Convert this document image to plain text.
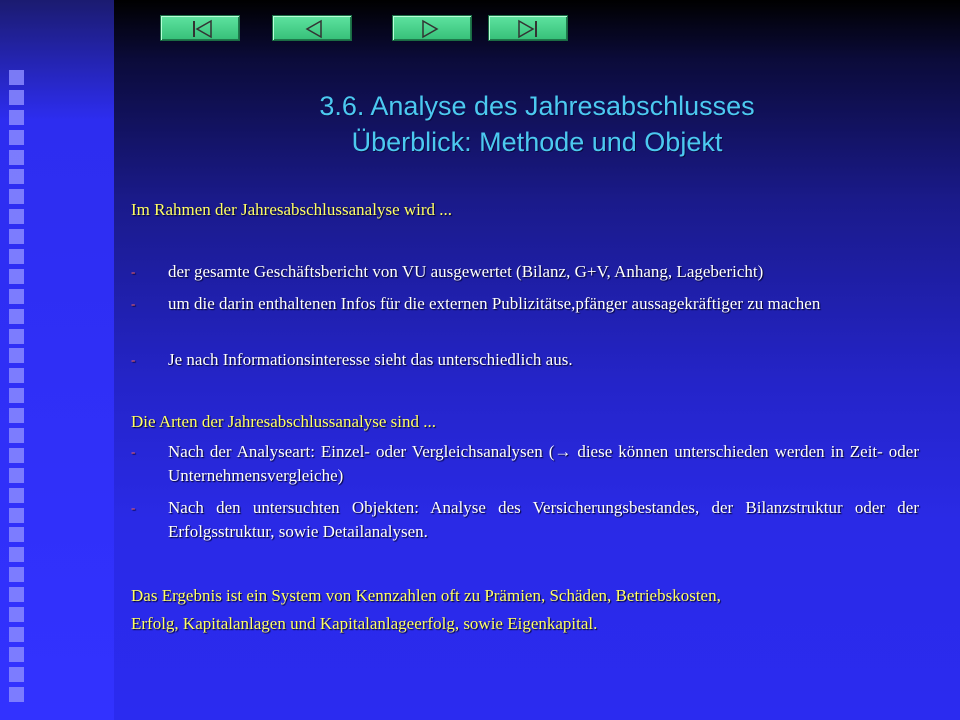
3.6. Analyse des Jahresabschlusses
Überblick: Methode und Objekt
Im Rahmen der Jahresabschlussanalyse wird ...
- der gesamte Geschäftsbericht von VU ausgewertet (Bilanz, G+V, Anhang, Lagebericht)
- um die darin enthaltenen Infos für die externen Publizitätse,pfänger aussagekräftiger zu machen
- Je nach Informationsinteresse sieht das unterschiedlich aus.
Die Arten der Jahresabschlussanalyse sind ...
- Nach der Analyseart: Einzel- oder Vergleichsanalysen (→ diese können unterschieden werden in Zeit- oder Unternehmensvergleiche)
- Nach den untersuchten Objekten: Analyse des Versicherungsbestandes, der Bilanzstruktur oder der Erfolgsstruktur, sowie Detailanalysen.
Das Ergebnis ist ein System von Kennzahlen oft zu Prämien, Schäden, Betriebskosten,
Erfolg, Kapitalanlagen und Kapitalanlageerfolg, sowie Eigenkapital.
